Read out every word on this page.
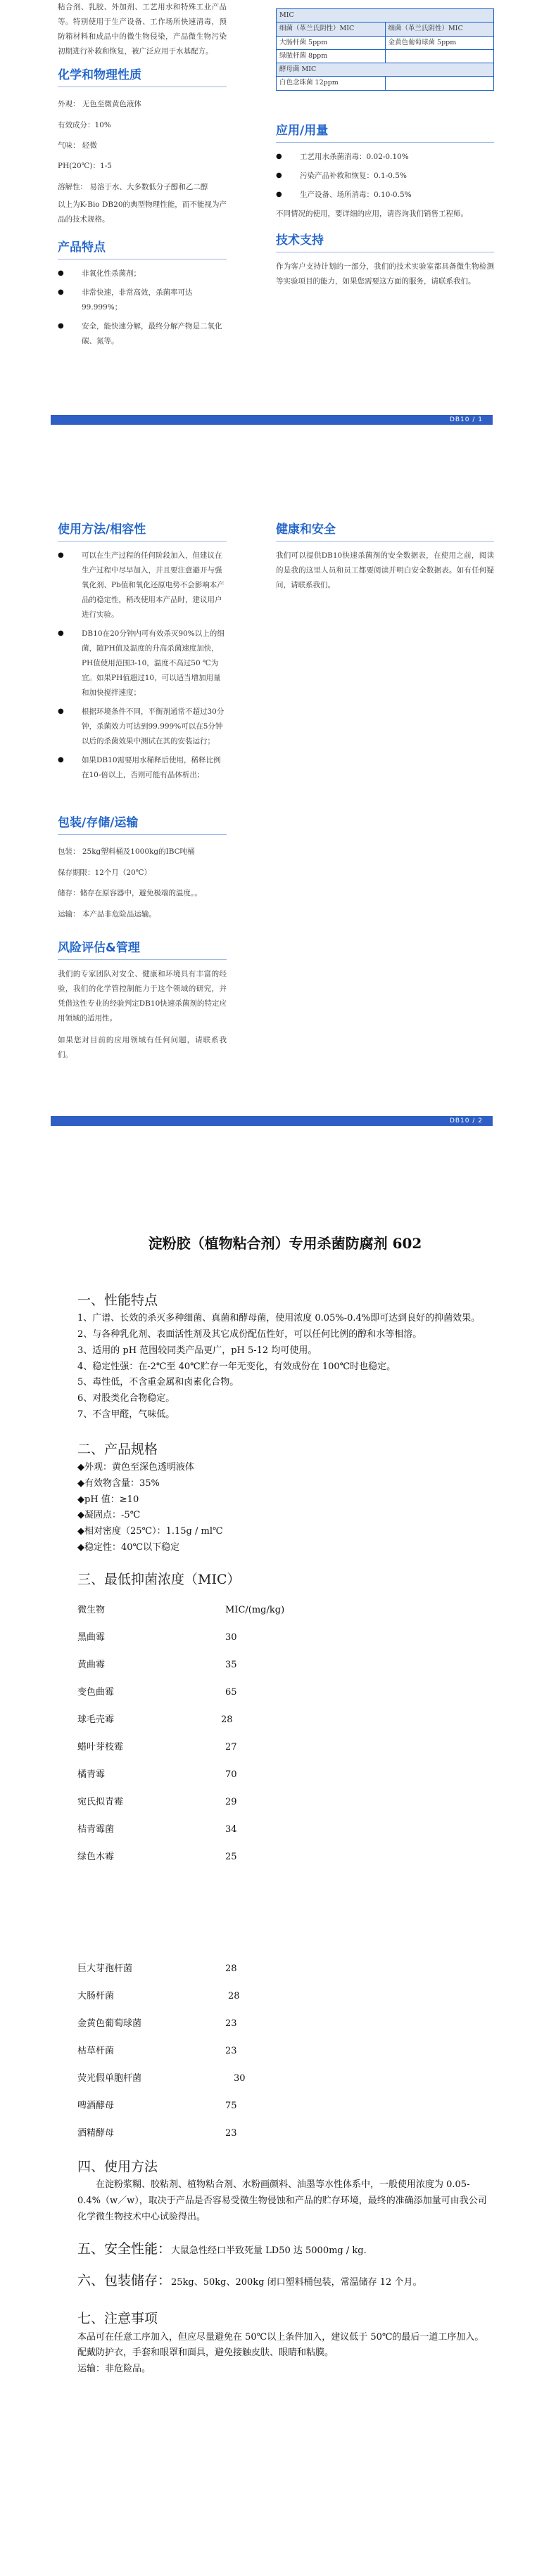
粘合剂、乳胶、外加剂、工艺用水和特殊工业产品等。特别使用于生产设备、工作场所快速清毒，预防箱材料和成品中的微生物侵染，产品微生物污染初期进行补救和恢复，被广泛应用于水基配方。

化学和物理性质
外观： 无色至微黄色液体
有效成分：10%
气味： 轻微
PH(20℃)：1-5
溶解性： 易溶于水、大多数低分子醇和乙二醇

以上为K-Bio DB20的典型物理性能，而不能视为产品的技术规格。

产品特点
● 非氧化性杀菌剂；
● 非常快速，非常高效，杀菌率可达99.999%；
● 安全，能快速分解，最终分解产物是二氧化碳、氮等。
MIC	
细菌（革兰氏阴性）MIC	细菌（革兰氏阴性）MIC
大肠杆菌 5ppm	金黄色葡萄球菌 5ppm
绿脓杆菌 8ppm	
酵母菌 MIC	
白色念珠菌 12ppm	
应用/用量
● 工艺用水杀菌消毒：0.02-0.10%
● 污染产品补救和恢复：0.1-0.5%
● 生产设备、场所消毒：0.10-0.5%

不同情况的使用，要详细的应用，请咨询我们销售工程师。

技术支持

作为客户支持计划的一部分，我们的技术实验室都具备微生物检测等实验项目的能力，如果您需要这方面的服务，请联系我们。

DB10 / 1
使用方法/相容性
● 可以在生产过程的任何阶段加入，但建议在生产过程中尽早加入，并且要注意避开与强氧化剂、Pb值和氧化还原电势不会影响本产品的稳定性，稍改使用本产品时，建议用户进行实验。
● DB10在20分钟内可有效杀灭90%以上的细菌，随PH值及温度的升高杀菌速度加快，PH值使用范围3-10，温度不高过50 ℃为宜。如果PH值超过10，可以适当增加用量和加快搅拌速度；
● 根据环境条件不同，平衡剂通常不超过30分钟，杀菌效力可达到99.999%可以在5分钟以后的杀菌效果中测试在其的安装运行；
● 如果DB10需要用水稀释后使用，稀释比例在10-倍以上，否则可能有晶体析出；
包装/存储/运输
包装： 25kg塑料桶及1000kg的IBC吨桶
保存期限：12个月（20℃）
储存：储存在原容器中，避免极端的温度。。
运输： 本产品非危险品运输。
风险评估&管理

我们的专家团队对安全、健康和环境具有丰富的经验，我们的化学管控制能力于这个领域的研究，并凭借这性专业的经验判定DB10快速杀菌剂的特定应用领域的适用性。

如果您对目前的应用领域有任何问题，请联系我们。

健康和安全

我们可以提供DB10快速杀菌剂的安全数据表，在使用之前，阅读的是我的这里人员和员工都要阅读并明白安全数据表。如有任何疑问，请联系我们。

DB10 / 2
淀粉胶（植物粘合剂）专用杀菌防腐剂 602
一、性能特点
1、广谱、长效的杀灭多种细菌、真菌和酵母菌，使用浓度 0.05%-0.4%即可达到良好的抑菌效果。
2、与各种乳化剂、表面活性剂及其它成份配伍性好，可以任何比例的醇和水等相溶。
3、适用的 pH 范围较同类产品更广，pH 5-12 均可使用。
4、稳定性强：在-2℃至 40℃贮存一年无变化，有效成份在 100℃时也稳定。
5、毒性低，不含重金属和卤素化合物。
6、对股类化合物稳定。
7、不含甲醛，气味低。
二、产品规格
◆外观：黄色至深色透明液体
◆有效物含量：35%
◆pH 值：≥10
◆凝固点：-5℃
◆相对密度（25℃）：1.15g / ml℃
◆稳定性：40℃以下稳定
三、最低抑菌浓度（MIC）
微生物	MIC/(mg/kg)
黑曲霉	30
黄曲霉	35
变色曲霉	65
球毛壳霉	28
蜡叶芽枝霉	27
橘青霉	70
宛氏拟青霉	29
桔青霉菌	34
绿色木霉	25
巨大芽孢杆菌	28
大肠杆菌	28
金黄色葡萄球菌	23
枯草杆菌	23
荧光假单胞杆菌	30
啤酒酵母	75
酒精酵母	23
四、使用方法
在淀粉浆糊、胶粘剂、植物粘合剂、水粉画颜料、油墨等水性体系中，一般使用浓度为 0.05-0.4%（w／w），取决于产品是否容易受微生物侵蚀和产品的贮存环境，最终的准确添加量可由我公司化学微生物技术中心试验得出。
五、安全性能：大鼠急性经口半致死量 LD50 达 5000mg / kg.
六、包装储存：25kg、50kg、200kg 闭口塑料桶包装，常温储存 12 个月。
七、注意事项
本品可在任意工序加入，但应尽量避免在 50℃以上条件加入，建议低于 50℃的最后一道工序加入。
配戴防护衣，手套和眼罩和面具，避免接触皮肤、眼睛和粘膜。
运输：非危险品。
